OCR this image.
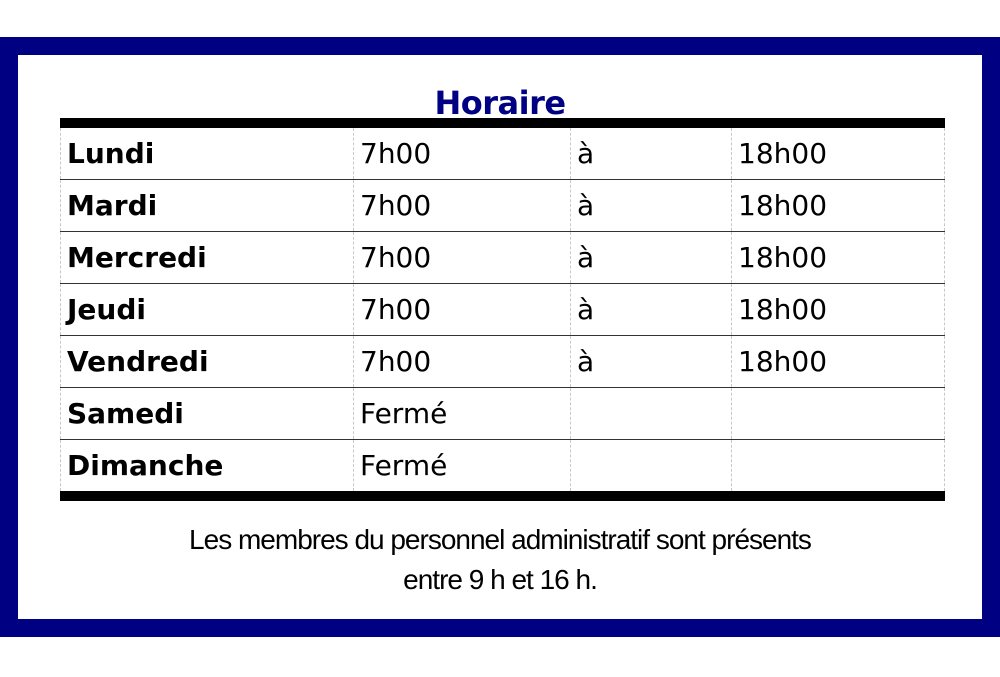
Horaire
Lundi	7h00	à	18h00
Mardi	7h00	à	18h00
Mercredi	7h00	à	18h00
Jeudi	7h00	à	18h00
Vendredi	7h00	à	18h00
Samedi	Fermé		
Dimanche	Fermé		
Les membres du personnel administratif sont présents
entre 9 h et 16 h.
